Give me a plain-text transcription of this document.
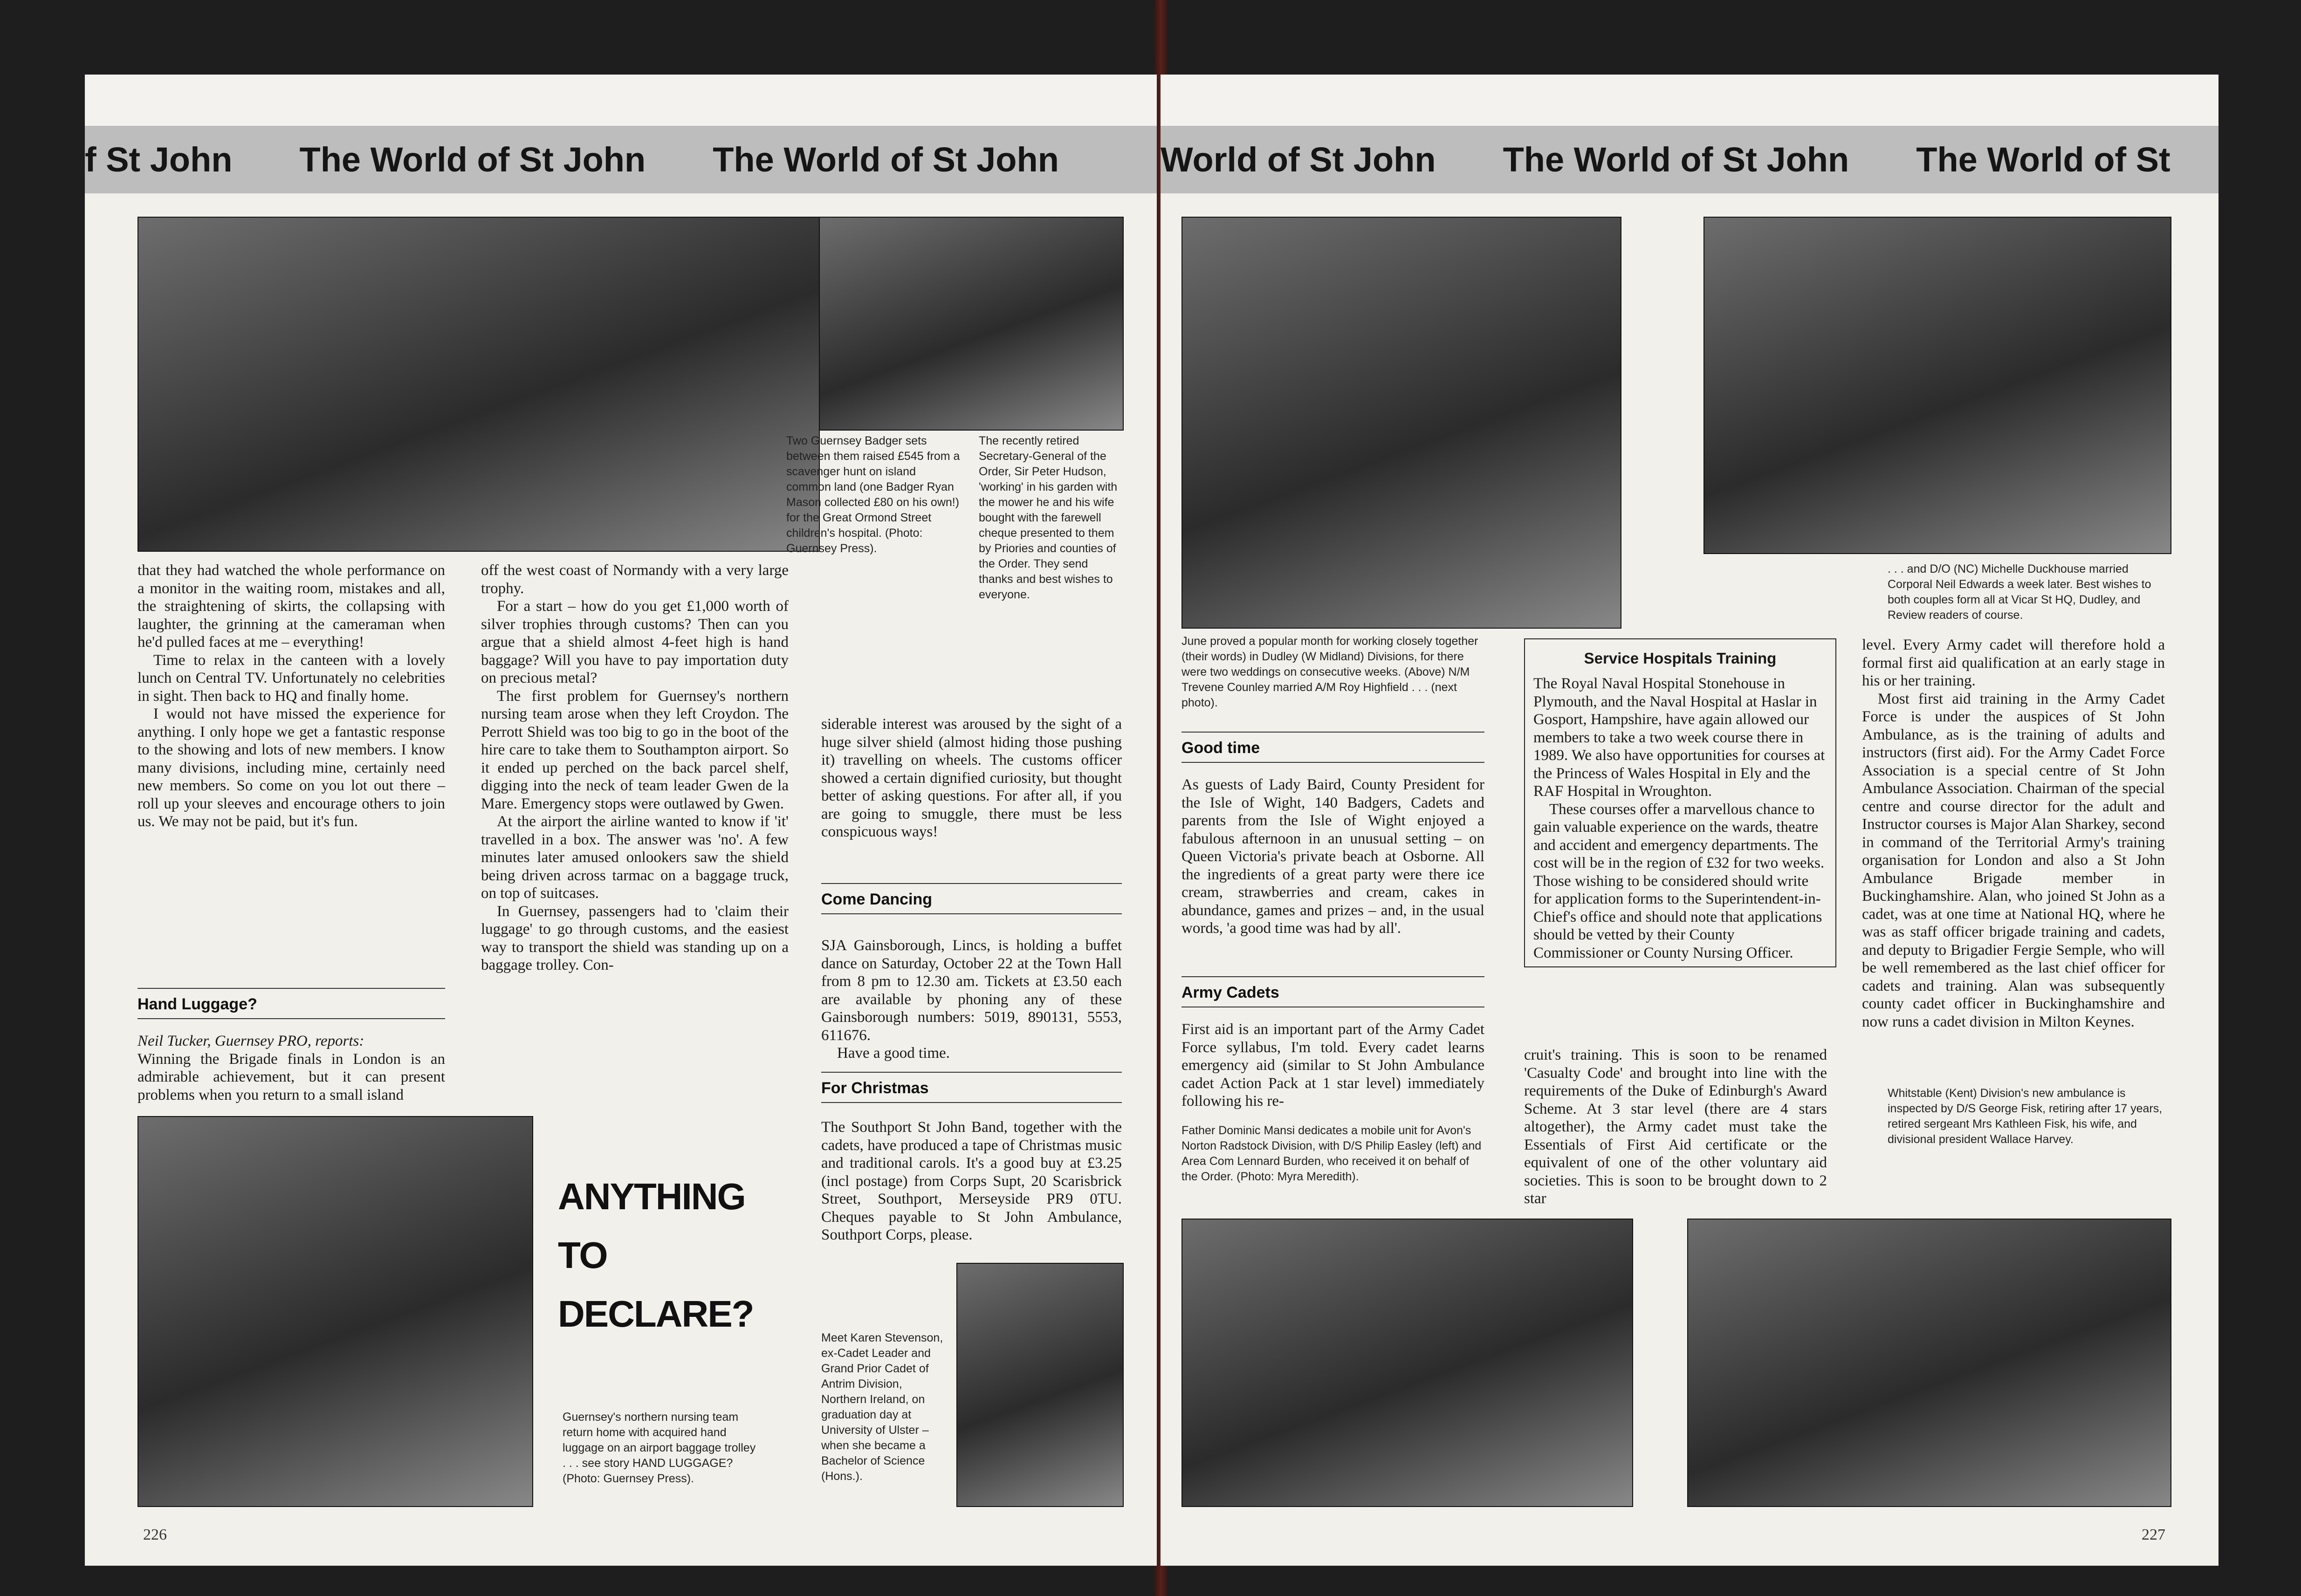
f St John The World of St John The World of St John
Two Guernsey Badger sets between them raised £545 from a scavenger hunt on island common land (one Badger Ryan Mason collected £80 on his own!) for the Great Ormond Street children's hospital. (Photo: Guernsey Press).
The recently retired Secretary-General of the Order, Sir Peter Hudson, 'working' in his garden with the mower he and his wife bought with the farewell cheque presented to them by Priories and counties of the Order. They send thanks and best wishes to everyone.

that they had watched the whole performance on a monitor in the waiting room, mistakes and all, the straightening of skirts, the collapsing with laughter, the grinning at the cameraman when he'd pulled faces at me – everything!

Time to relax in the canteen with a lovely lunch on Central TV. Unfortunately no celebrities in sight. Then back to HQ and finally home.

I would not have missed the experience for anything. I only hope we get a fantastic response to the showing and lots of new members. I know many divisions, including mine, certainly need new members. So come on you lot out there – roll up your sleeves and encourage others to join us. We may not be paid, but it's fun.

Hand Luggage?

Neil Tucker, Guernsey PRO, reports:

Winning the Brigade finals in London is an admirable achievement, but it can present problems when you return to a small island

off the west coast of Normandy with a very large trophy.

For a start – how do you get £1,000 worth of silver trophies through customs? Then can you argue that a shield almost 4-feet high is hand baggage? Will you have to pay importation duty on precious metal?

The first problem for Guernsey's northern nursing team arose when they left Croydon. The Perrott Shield was too big to go in the boot of the hire care to take them to Southampton airport. So it ended up perched on the back parcel shelf, digging into the neck of team leader Gwen de la Mare. Emergency stops were outlawed by Gwen.

At the airport the airline wanted to know if 'it' travelled in a box. The answer was 'no'. A few minutes later amused onlookers saw the shield being driven across tarmac on a baggage truck, on top of suitcases.

In Guernsey, passengers had to 'claim their luggage' to go through customs, and the easiest way to transport the shield was standing up on a baggage trolley. Con-

siderable interest was aroused by the sight of a huge silver shield (almost hiding those pushing it) travelling on wheels. The customs officer showed a certain dignified curiosity, but thought better of asking questions. For after all, if you are going to smuggle, there must be less conspicuous ways!

Come Dancing

SJA Gainsborough, Lincs, is holding a buffet dance on Saturday, October 22 at the Town Hall from 8 pm to 12.30 am. Tickets at £3.50 each are available by phoning any of these Gainsborough numbers: 5019, 890131, 5553, 611676.

Have a good time.

For Christmas

The Southport St John Band, together with the cadets, have produced a tape of Christmas music and traditional carols. It's a good buy at £3.25 (incl postage) from Corps Supt, 20 Scarisbrick Street, Southport, Merseyside PR9 0TU. Cheques payable to St John Ambulance, Southport Corps, please.

ANYTHING
TO
DECLARE?
Guernsey's northern nursing team return home with acquired hand luggage on an airport baggage trolley . . . see story HAND LUGGAGE? (Photo: Guernsey Press).
Meet Karen Stevenson, ex-Cadet Leader and Grand Prior Cadet of Antrim Division, Northern Ireland, on graduation day at University of Ulster – when she became a Bachelor of Science (Hons.).
226
World of St John The World of St John The World of St
June proved a popular month for working closely together (their words) in Dudley (W Midland) Divisions, for there were two weddings on consecutive weeks. (Above) N/M Trevene Counley married A/M Roy Highfield . . . (next photo).
. . . and D/O (NC) Michelle Duckhouse married Corporal Neil Edwards a week later. Best wishes to both couples form all at Vicar St HQ, Dudley, and Review readers of course.
Good time

As guests of Lady Baird, County President for the Isle of Wight, 140 Badgers, Cadets and parents from the Isle of Wight enjoyed a fabulous afternoon in an unusual setting – on Queen Victoria's private beach at Osborne. All the ingredients of a great party were there ice cream, strawberries and cream, cakes in abundance, games and prizes – and, in the usual words, 'a good time was had by all'.

Army Cadets

First aid is an important part of the Army Cadet Force syllabus, I'm told. Every cadet learns emergency aid (similar to St John Ambulance cadet Action Pack at 1 star level) immediately following his re-

Father Dominic Mansi dedicates a mobile unit for Avon's Norton Radstock Division, with D/S Philip Easley (left) and Area Com Lennard Burden, who received it on behalf of the Order. (Photo: Myra Meredith).
Service Hospitals Training

The Royal Naval Hospital Stonehouse in Plymouth, and the Naval Hospital at Haslar in Gosport, Hampshire, have again allowed our members to take a two week course there in 1989. We also have opportunities for courses at the Princess of Wales Hospital in Ely and the RAF Hospital in Wroughton.

These courses offer a marvellous chance to gain valuable experience on the wards, theatre and accident and emergency departments. The cost will be in the region of £32 for two weeks. Those wishing to be considered should write for application forms to the Superintendent-in-Chief's office and should note that applications should be vetted by their County Commissioner or County Nursing Officer.

cruit's training. This is soon to be renamed 'Casualty Code' and brought into line with the requirements of the Duke of Edinburgh's Award Scheme. At 3 star level (there are 4 stars altogether), the Army cadet must take the Essentials of First Aid certificate or the equivalent of one of the other voluntary aid societies. This is soon to be brought down to 2 star

level. Every Army cadet will therefore hold a formal first aid qualification at an early stage in his or her training.

Most first aid training in the Army Cadet Force is under the auspices of St John Ambulance, as is the training of adults and instructors (first aid). For the Army Cadet Force Association is a special centre of St John Ambulance Association. Chairman of the special centre and course director for the adult and Instructor courses is Major Alan Sharkey, second in command of the Territorial Army's training organisation for London and also a St John Ambulance Brigade member in Buckinghamshire. Alan, who joined St John as a cadet, was at one time at National HQ, where he was as staff officer brigade training and cadets, and deputy to Brigadier Fergie Semple, who will be well remembered as the last chief officer for cadets and training. Alan was subsequently county cadet officer in Buckinghamshire and now runs a cadet division in Milton Keynes.

Whitstable (Kent) Division's new ambulance is inspected by D/S George Fisk, retiring after 17 years, retired sergeant Mrs Kathleen Fisk, his wife, and divisional president Wallace Harvey.
227
